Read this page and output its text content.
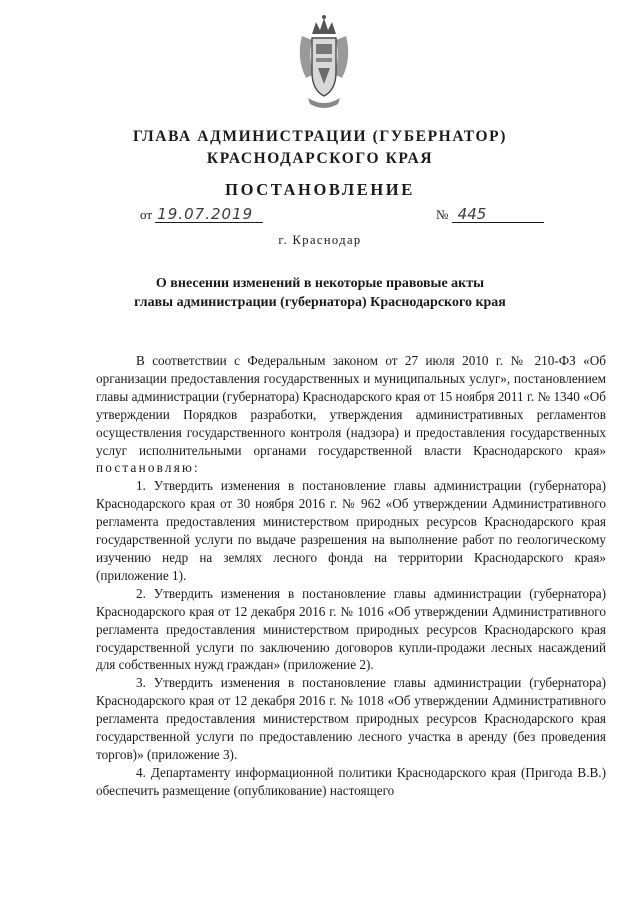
ГЛАВА АДМИНИСТРАЦИИ (ГУБЕРНАТОР)
КРАСНОДАРСКОГО КРАЯ
ПОСТАНОВЛЕНИЕ
от 19.07.2019	№ 445
г. Краснодар
О внесении изменений в некоторые правовые акты
главы администрации (губернатора) Краснодарского края

В соответствии с Федеральным законом от 27 июля 2010 г. № 210-ФЗ «Об организации предоставления государственных и муниципальных услуг», постановлением главы администрации (губернатора) Краснодарского края от 15 ноября 2011 г. № 1340 «Об утверждении Порядков разработки, утверждения административных регламентов осуществления государственного контроля (надзора) и предоставления государственных услуг исполнительными органами государственной власти Краснодарского края» постановляю:

1. Утвердить изменения в постановление главы администрации (губернатора) Краснодарского края от 30 ноября 2016 г. № 962 «Об утверждении Административного регламента предоставления министерством природных ресурсов Краснодарского края государственной услуги по выдаче разрешения на выполнение работ по геологическому изучению недр на землях лесного фонда на территории Краснодарского края» (приложение 1).

2. Утвердить изменения в постановление главы администрации (губернатора) Краснодарского края от 12 декабря 2016 г. № 1016 «Об утверждении Административного регламента предоставления министерством природных ресурсов Краснодарского края государственной услуги по заключению договоров купли-продажи лесных насаждений для собственных нужд граждан» (приложение 2).

3. Утвердить изменения в постановление главы администрации (губернатора) Краснодарского края от 12 декабря 2016 г. № 1018 «Об утверждении Административного регламента предоставления министерством природных ресурсов Краснодарского края государственной услуги по предоставлению лесного участка в аренду (без проведения торгов)» (приложение 3).

4. Департаменту информационной политики Краснодарского края (Пригода В.В.) обеспечить размещение (опубликование) настоящего
